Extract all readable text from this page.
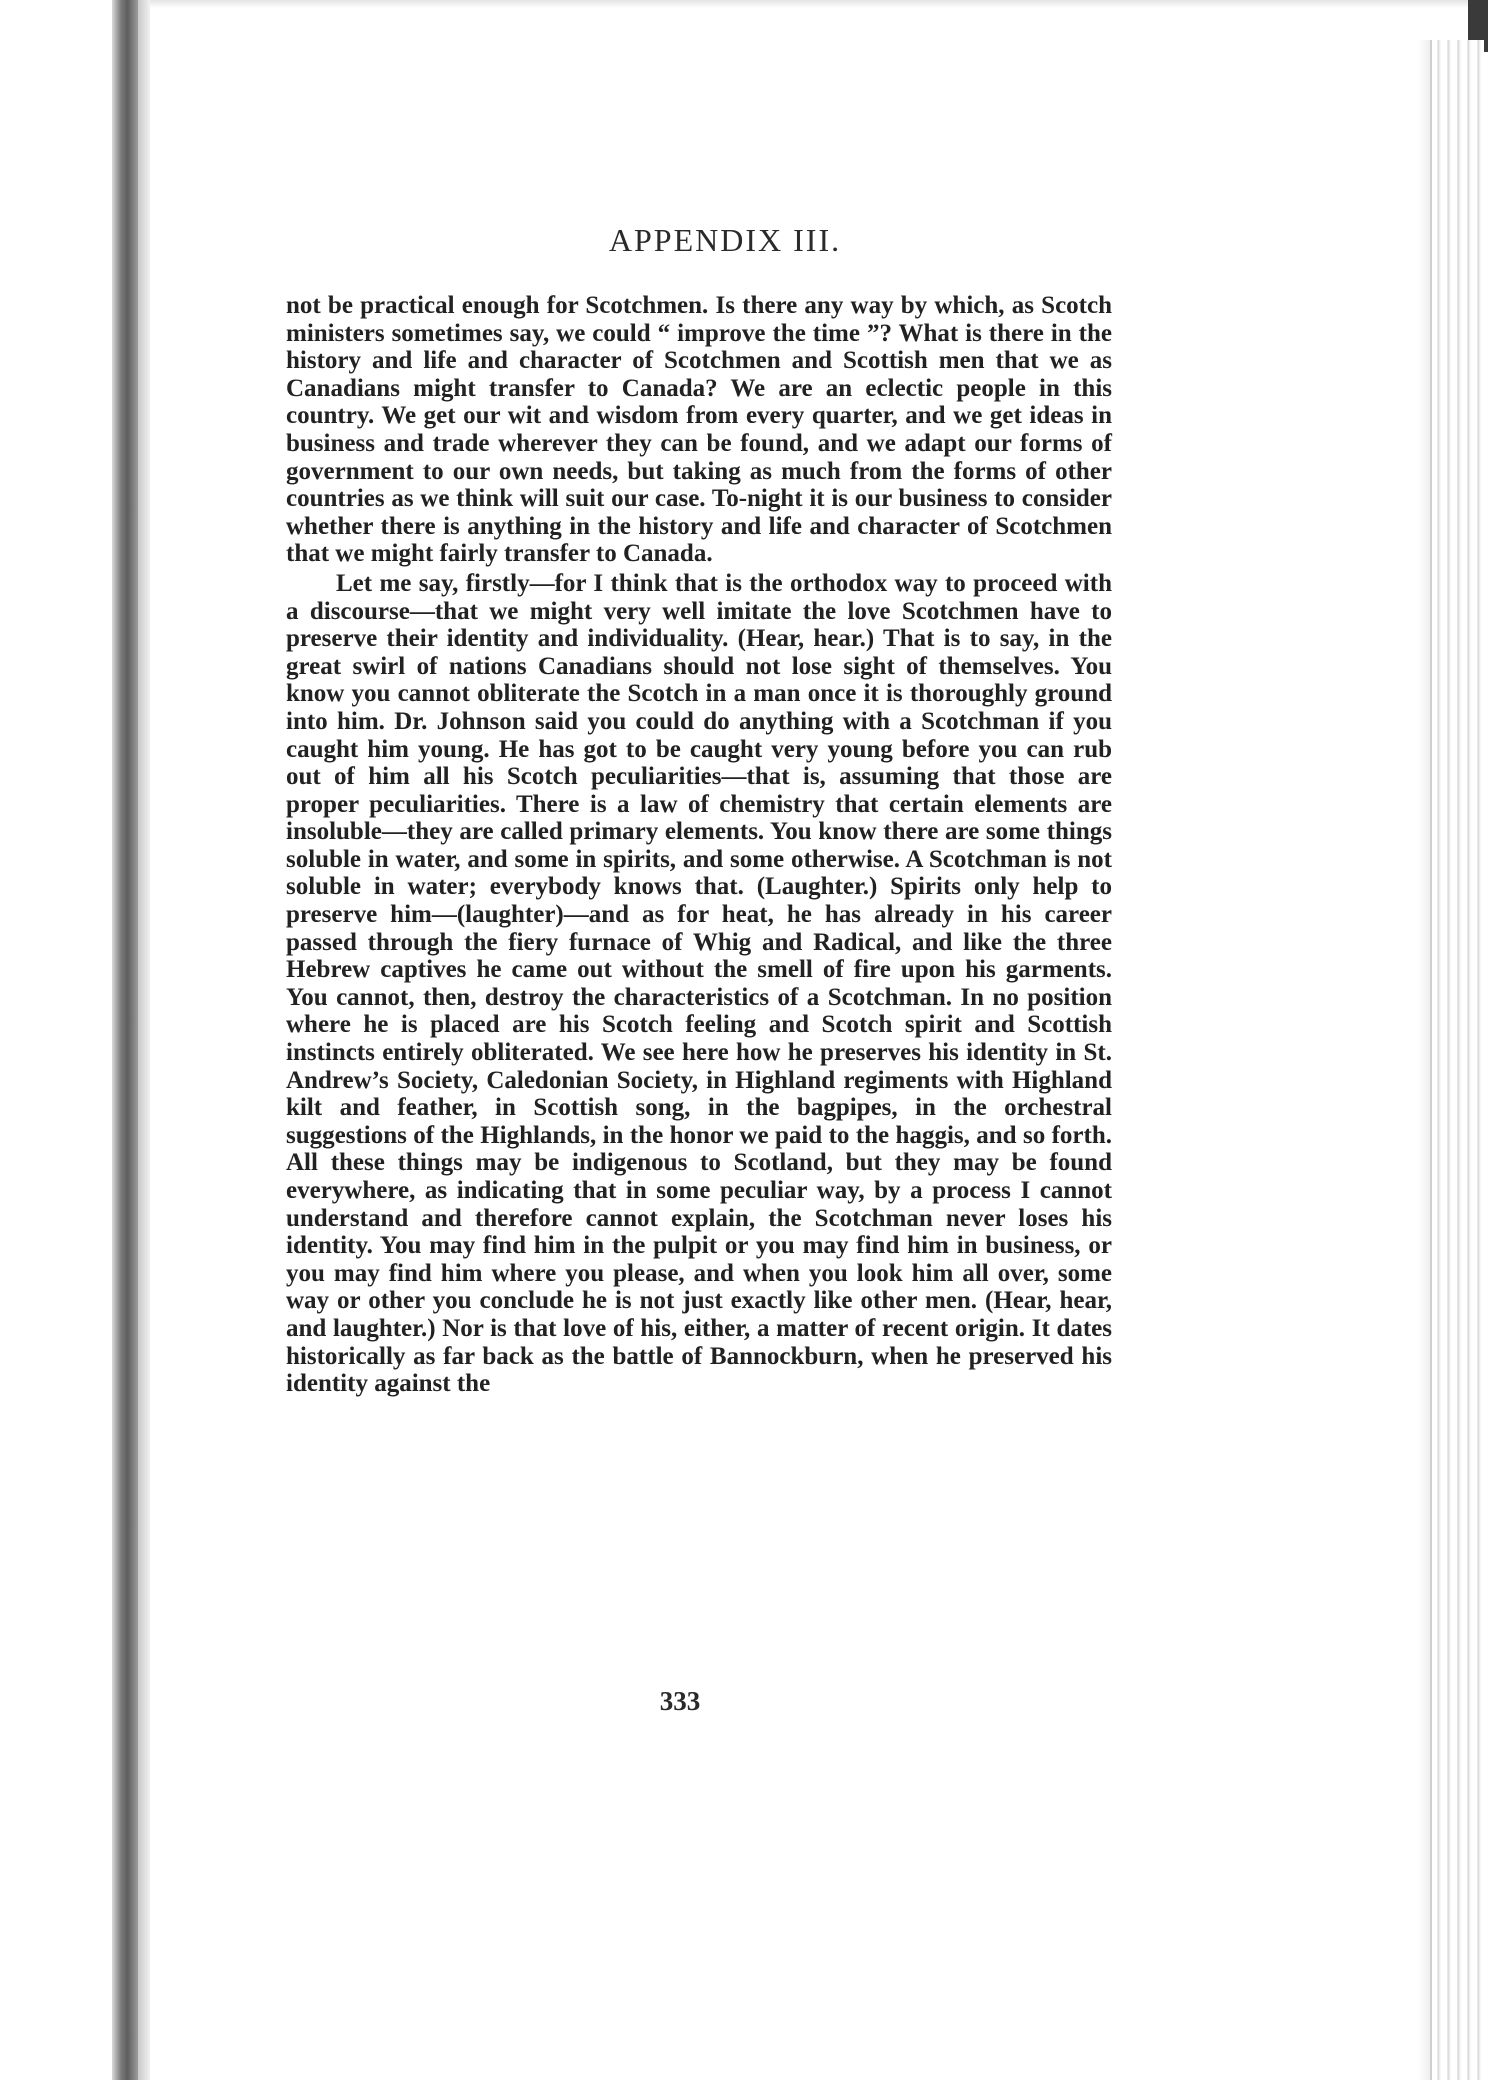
APPENDIX III.

not be practical enough for Scotchmen. Is there any way by which, as Scotch ministers sometimes say, we could “ improve the time ”? What is there in the history and life and character of Scotchmen and Scottish men that we as Canadians might transfer to Canada? We are an eclectic people in this country. We get our wit and wisdom from every quarter, and we get ideas in business and trade wherever they can be found, and we adapt our forms of government to our own needs, but taking as much from the forms of other countries as we think will suit our case. To-night it is our business to consider whether there is anything in the history and life and character of Scotchmen that we might fairly transfer to Canada.

Let me say, firstly—for I think that is the orthodox way to proceed with a discourse—that we might very well imitate the love Scotchmen have to preserve their identity and individuality. (Hear, hear.) That is to say, in the great swirl of nations Canadians should not lose sight of themselves. You know you cannot obliterate the Scotch in a man once it is thoroughly ground into him. Dr. Johnson said you could do anything with a Scotchman if you caught him young. He has got to be caught very young before you can rub out of him all his Scotch peculiarities—that is, assuming that those are proper peculiarities. There is a law of chemistry that certain elements are insoluble—they are called primary elements. You know there are some things soluble in water, and some in spirits, and some otherwise. A Scotchman is not soluble in water; everybody knows that. (Laughter.) Spirits only help to preserve him—(laughter)—and as for heat, he has already in his career passed through the fiery furnace of Whig and Radical, and like the three Hebrew captives he came out without the smell of fire upon his garments. You cannot, then, destroy the characteristics of a Scotchman. In no position where he is placed are his Scotch feeling and Scotch spirit and Scottish instincts entirely obliterated. We see here how he preserves his identity in St. Andrew’s Society, Caledonian Society, in Highland regiments with Highland kilt and feather, in Scottish song, in the bagpipes, in the orchestral suggestions of the Highlands, in the honor we paid to the haggis, and so forth. All these things may be indigenous to Scotland, but they may be found everywhere, as indicating that in some peculiar way, by a process I cannot understand and therefore cannot explain, the Scotchman never loses his identity. You may find him in the pulpit or you may find him in business, or you may find him where you please, and when you look him all over, some way or other you conclude he is not just exactly like other men. (Hear, hear, and laughter.) Nor is that love of his, either, a matter of recent origin. It dates historically as far back as the battle of Bannockburn, when he preserved his identity against the

333
